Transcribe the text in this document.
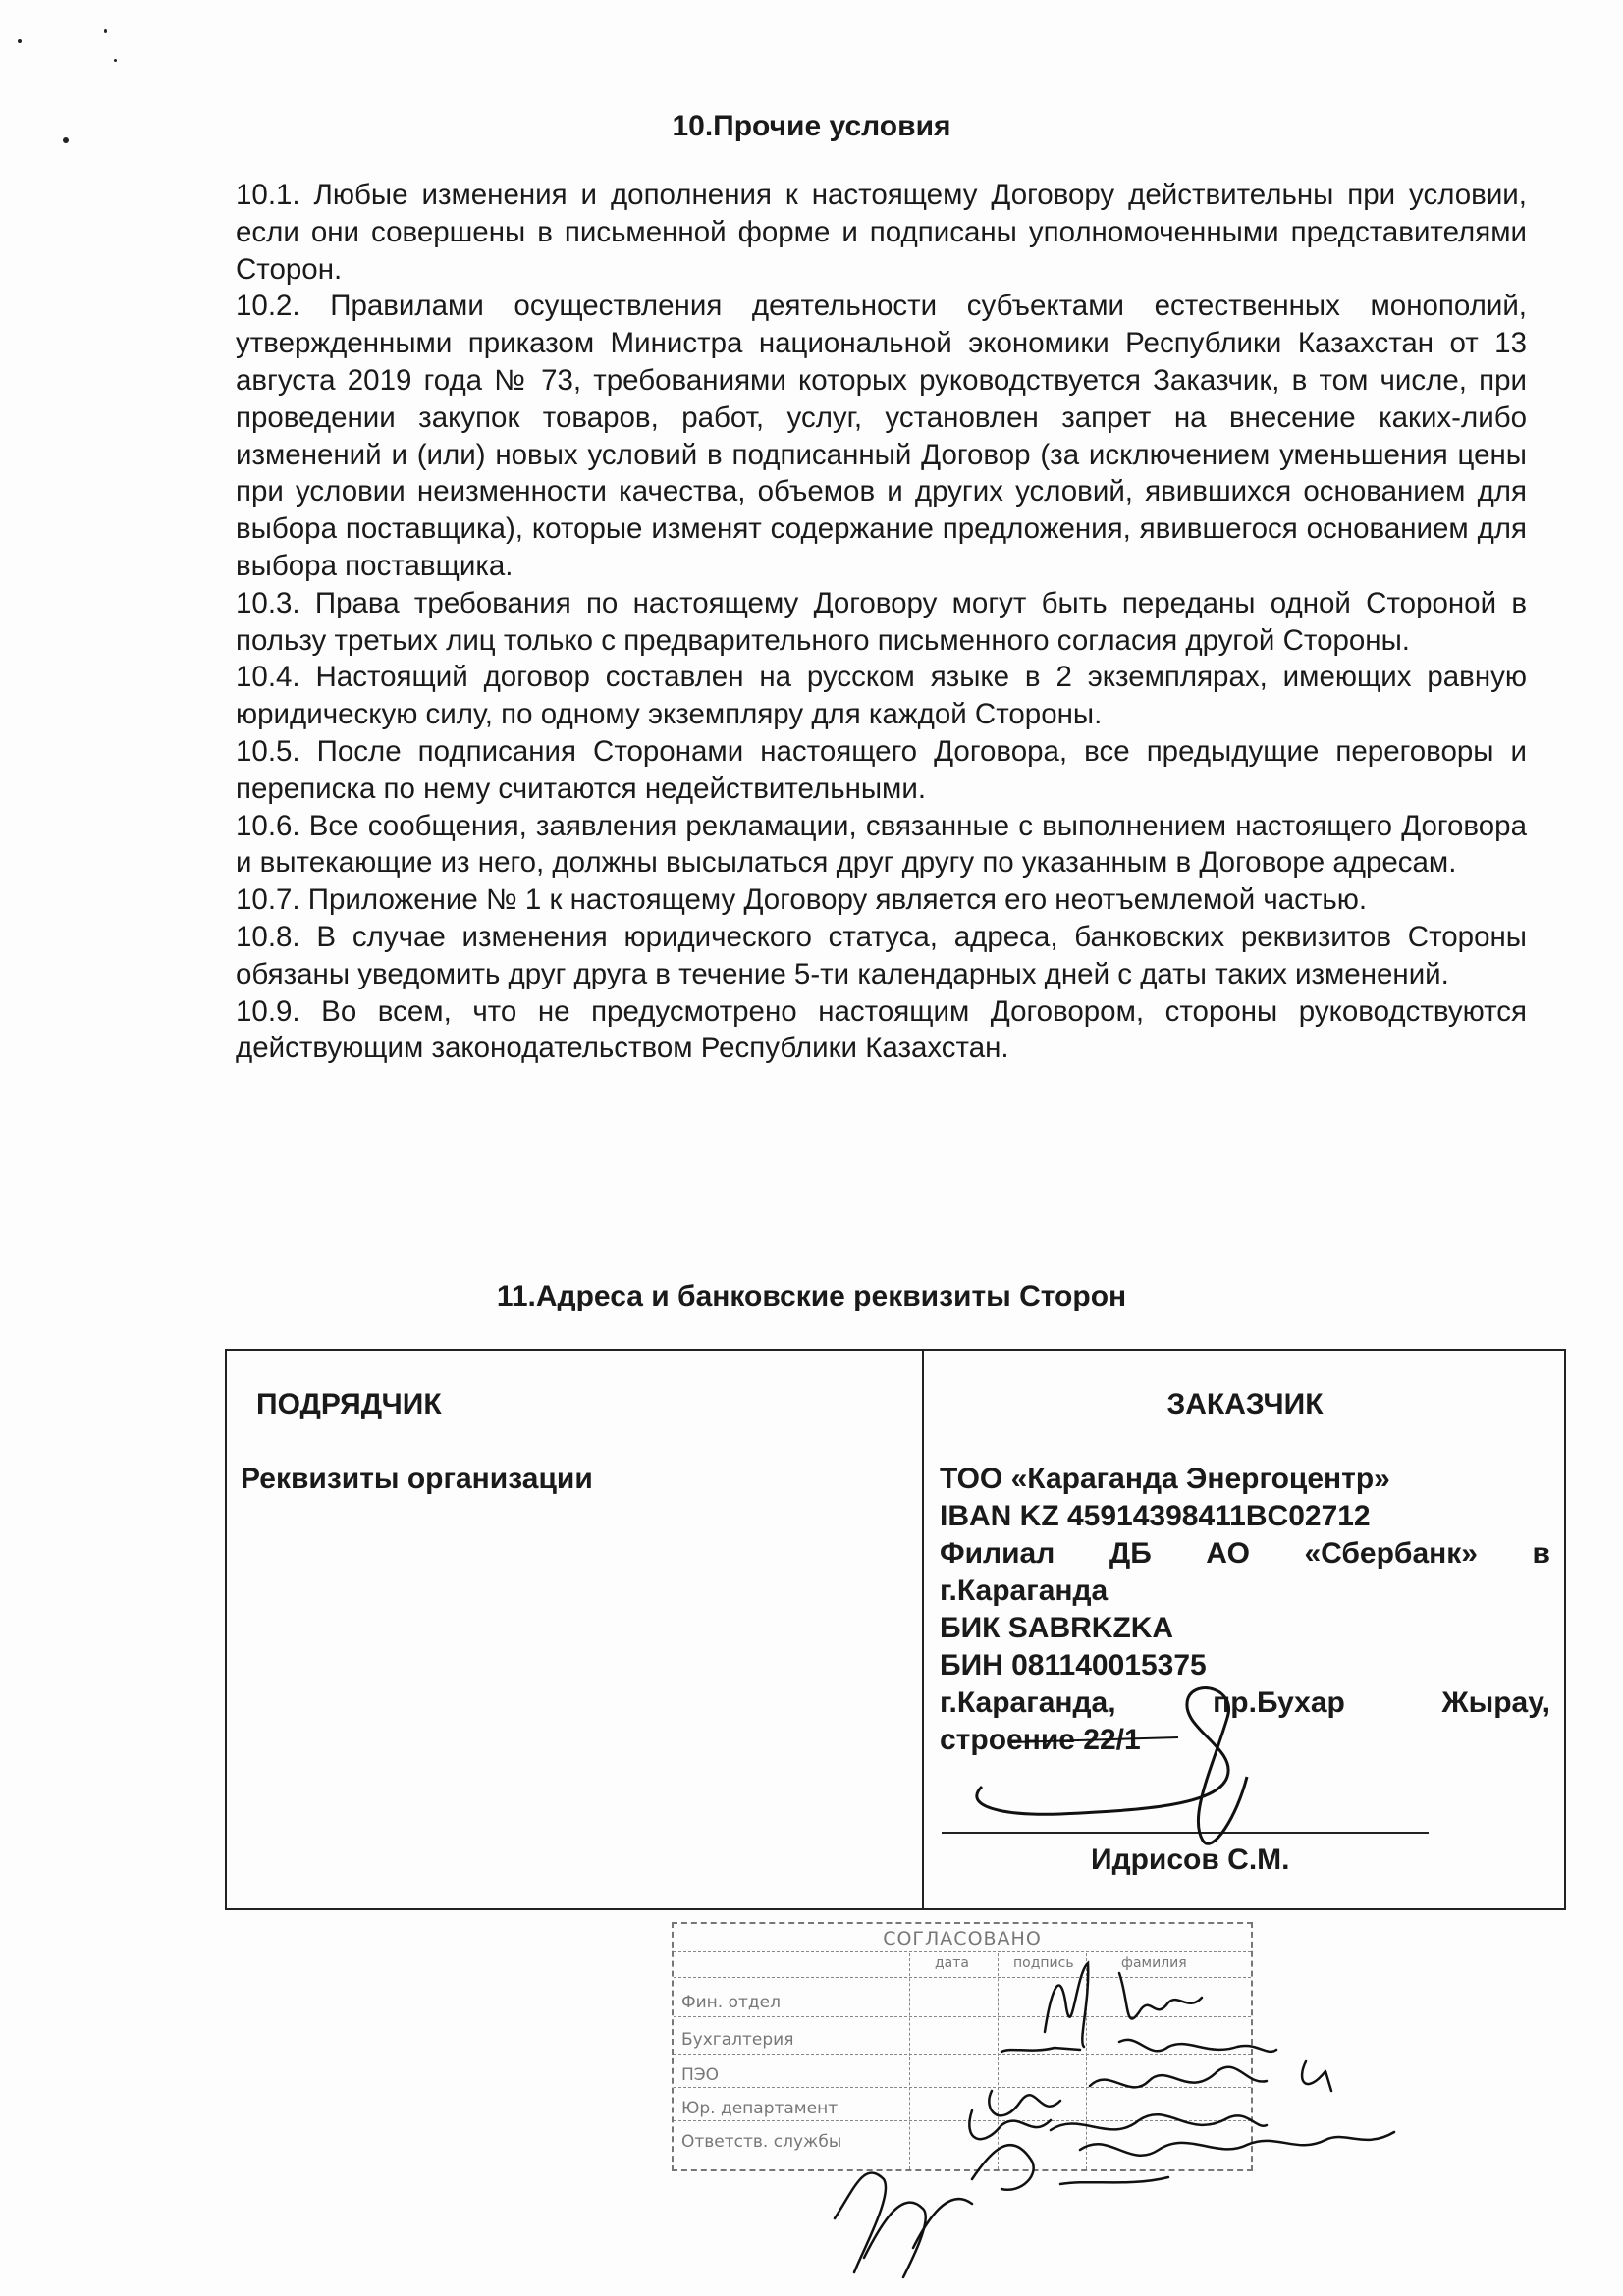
10.Прочие условия

10.1. Любые изменения и дополнения к настоящему Договору действительны при условии, если они совершены в письменной форме и подписаны уполномоченными представителями Сторон.

10.2. Правилами осуществления деятельности субъектами естественных монополий, утвержденными приказом Министра национальной экономики Республики Казахстан от 13 августа 2019 года № 73, требованиями которых руководствуется Заказчик, в том числе, при проведении закупок товаров, работ, услуг, установлен запрет на внесение каких-либо изменений и (или) новых условий в подписанный Договор (за исключением уменьшения цены при условии неизменности качества, объемов и других условий, явившихся основанием для выбора поставщика), которые изменят содержание предложения, явившегося основанием для выбора поставщика.

10.3. Права требования по настоящему Договору могут быть переданы одной Стороной в пользу третьих лиц только с предварительного письменного согласия другой Стороны.

10.4. Настоящий договор составлен на русском языке в 2 экземплярах, имеющих равную юридическую силу, по одному экземпляру для каждой Стороны.

10.5. После подписания Сторонами настоящего Договора, все предыдущие переговоры и переписка по нему считаются недействительными.

10.6. Все сообщения, заявления рекламации, связанные с выполнением настоящего Договора и вытекающие из него, должны высылаться друг другу по указанным в Договоре адресам.

10.7. Приложение № 1 к настоящему Договору является его неотъемлемой частью.

10.8. В случае изменения юридического статуса, адреса, банковских реквизитов Стороны обязаны уведомить друг друга в течение 5-ти календарных дней с даты таких изменений.

10.9. Во всем, что не предусмотрено настоящим Договором, стороны руководствуются действующим законодательством Республики Казахстан.

11.Адреса и банковские реквизиты Сторон
ПОДРЯДЧИК
Реквизиты организации
ЗАКАЗЧИК
ТОО «Караганда Энергоцентр»
IBAN KZ 45914398411BC02712
Филиал ДБ АО «Сбербанк» в
г.Караганда
БИК SABRKZKA
БИН 081140015375
г.Караганда,	пр.Бухар	Жырау,
строение 22/1
Идрисов С.М.
СОГЛАСОВАНО
дата	подпись	фамилия
Фин. отдел
Бухгалтерия
ПЭО
Юр. департамент
Ответств. службы
